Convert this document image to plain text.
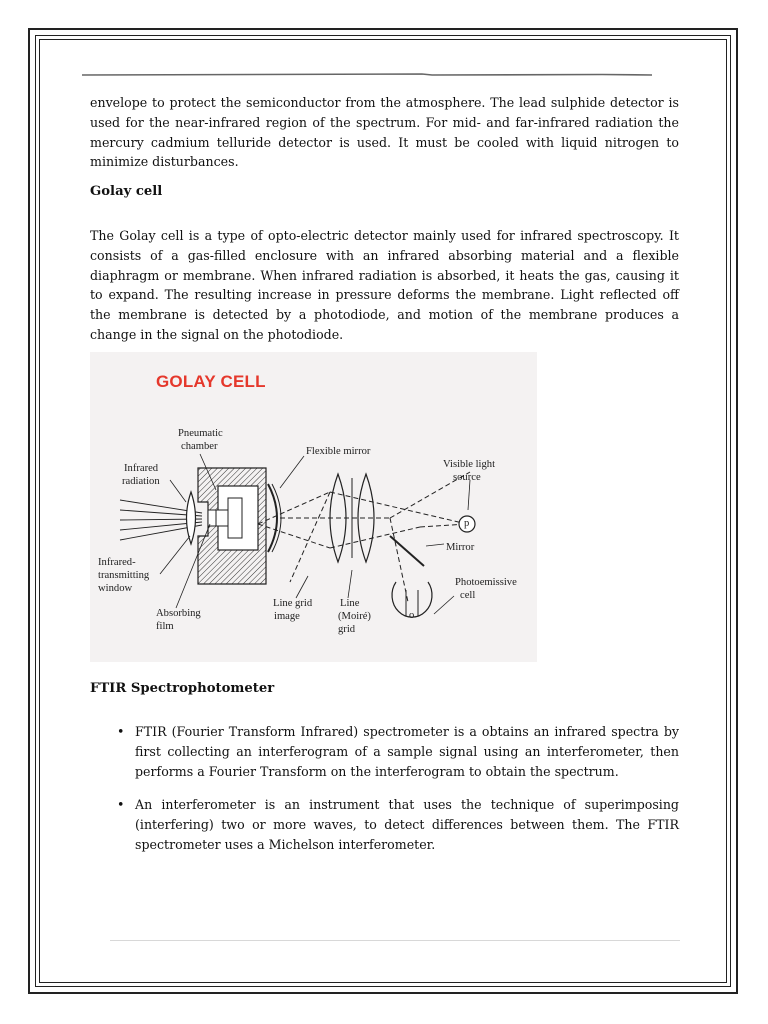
envelope to protect the semiconductor from the atmosphere. The lead sulphide detector is used for the near-infrared region of the spectrum. For mid- and far-infrared radiation the mercury cadmium telluride detector is used. It must be cooled with liquid nitrogen to minimize disturbances.

Golay cell

The Golay cell is a type of opto-electric detector mainly used for infrared spectroscopy. It consists of a gas-filled enclosure with an infrared absorbing material and a flexible diaphragm or membrane. When infrared radiation is absorbed, it heats the gas, causing it to expand. The resulting increase in pressure deforms the membrane. Light reflected off the membrane is detected by a photodiode, and motion of the membrane produces a change in the signal on the photodiode.

GOLAY CELL
Pneumatic
chamber
Infrared
radiation
Flexible mirror
Visible light
source
Mirror
Infrared-
transmitting
window
Photoemissive
cell
Absorbing
film
Line grid
image
Line
(Moiré)
grid
p
o
FTIR Spectrophotometer
• FTIR (Fourier Transform Infrared) spectrometer is a obtains an infrared spectra by first collecting an interferogram of a sample signal using an interferometer, then performs a Fourier Transform on the interferogram to obtain the spectrum.
• An interferometer is an instrument that uses the technique of superimposing (interfering) two or more waves, to detect differences between them. The FTIR spectrometer uses a Michelson interferometer.
